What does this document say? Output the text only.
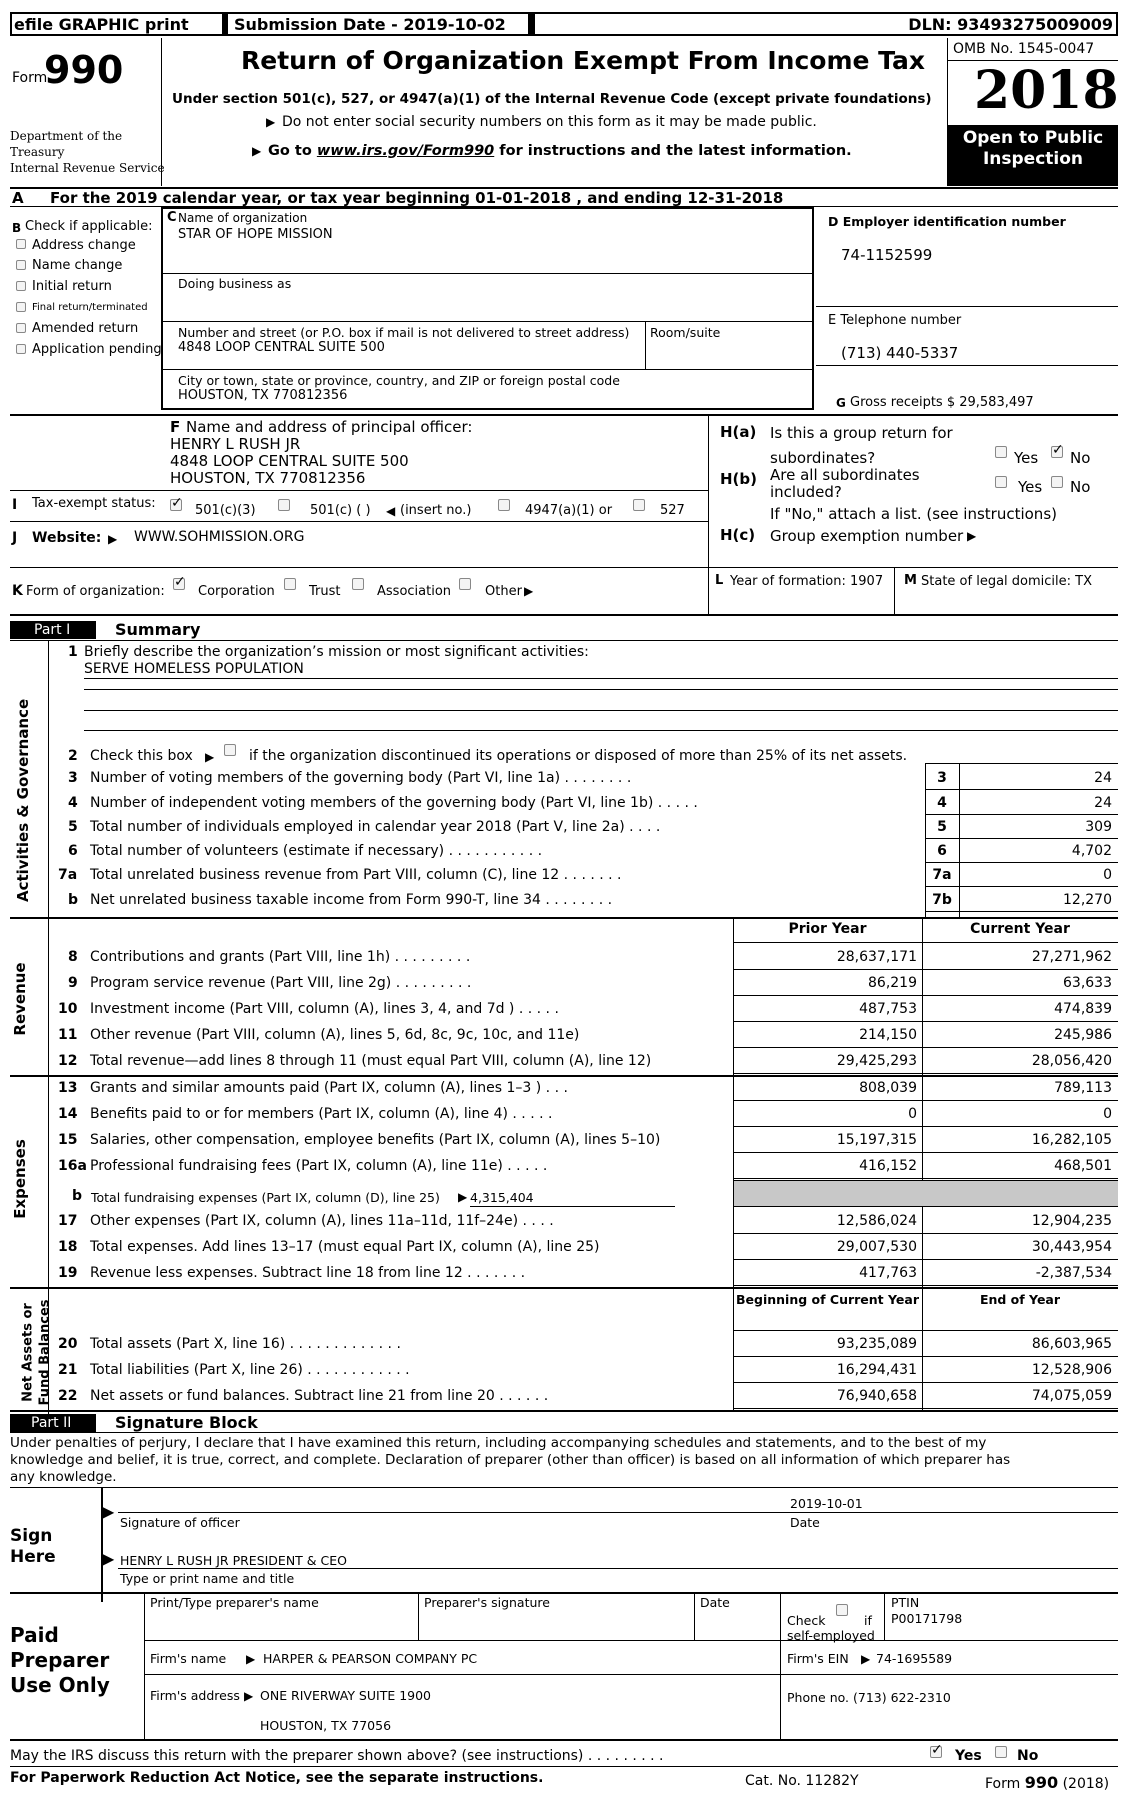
efile GRAPHIC print	Submission Date - 2019-10-02	DLN: 93493275009009
Form
990
Department of the
Treasury
Internal Revenue Service
Return of Organization Exempt From Income Tax
Under section 501(c), 527, or 4947(a)(1) of the Internal Revenue Code (except private foundations)
▶ Do not enter social security numbers on this form as it may be made public.
▶ Go to www.irs.gov/Form990 for instructions and the latest information.
OMB No. 1545-0047
2018
Open to Public
Inspection
A For the 2019 calendar year, or tax year beginning 01-01-2018 , and ending 12-31-2018
B Check if applicable:
Address change
Name change
Initial return
Final return/terminated
Amended return
Application pending
C Name of organization
STAR OF HOPE MISSION
Doing business as
Number and street (or P.O. box if mail is not delivered to street address)
4848 LOOP CENTRAL SUITE 500
Room/suite
City or town, state or province, country, and ZIP or foreign postal code
HOUSTON, TX 770812356
D Employer identification number
74-1152599
E Telephone number
(713) 440-5337
G Gross receipts $ 29,583,497
F Name and address of principal officer:
HENRY L RUSH JR
4848 LOOP CENTRAL SUITE 500
HOUSTON, TX 770812356
H(a) Is this a group return for
subordinates?	Yes ✓ No
H(b) Are all subordinates
included?	Yes No
If "No," attach a list. (see instructions)
H(c) Group exemption number ▶
I Tax-exempt status: ✓	501(c)(3)	501(c) ( ) ◀ (insert no.)	4947(a)(1) or	527
J Website: ▶ WWW.SOHMISSION.ORG
K Form of organization: ✓	Corporation	Trust	Association	Other ▶
L Year of formation: 1907 M State of legal domicile: TX
Part I	Summary
Activities & Governance
Revenue
Expenses
Net Assets or Fund Balances
1 Briefly describe the organization’s mission or most significant activities:
SERVE HOMELESS POPULATION
2 Check this box ▶ if the organization discontinued its operations or disposed of more than 25% of its net assets.
Prior Year	Current Year
b Total fundraising expenses (Part IX, column (D), line 25) ▶ 4,315,404
Beginning of Current Year	End of Year
Part II	Signature Block
Under penalties of perjury, I declare that I have examined this return, including accompanying schedules and statements, and to the best of my
knowledge and belief, it is true, correct, and complete. Declaration of preparer (other than officer) is based on all information of which preparer has
any knowledge.
Sign
Here
▶
▶
2019-10-01
Signature of officer	Date
HENRY L RUSH JR PRESIDENT & CEO
Type or print name and title
Paid
Preparer
Use Only
Print/Type preparer's name	Preparer's signature	Date
Check	if
self-employed
PTIN
P00171798
Firm's name ▶ HARPER & PEARSON COMPANY PC	Firm's EIN ▶ 74-1695589
Firm's address ▶ ONE RIVERWAY SUITE 1900
HOUSTON, TX 77056
Phone no. (713) 622-2310
May the IRS discuss this return with the preparer shown above? (see instructions) . . . . . . . . . ✓	Yes	No
For Paperwork Reduction Act Notice, see the separate instructions.	Cat. No. 11282Y	Form 990 (2018)
3 Number of voting members of the governing body (Part VI, line 1a) . . . . . . . .	3	24
4 Number of independent voting members of the governing body (Part VI, line 1b) . . . . .	4	24
5 Total number of individuals employed in calendar year 2018 (Part V, line 2a) . . . .	5	309
6 Total number of volunteers (estimate if necessary) . . . . . . . . . . .	6	4,702
7a Total unrelated business revenue from Part VIII, column (C), line 12 . . . . . . .	7a	0
b Net unrelated business taxable income from Form 990-T, line 34 . . . . . . . .	7b	12,270
8 Contributions and grants (Part VIII, line 1h) . . . . . . . . .	28,637,171	27,271,962
9 Program service revenue (Part VIII, line 2g) . . . . . . . . .	86,219	63,633
10 Investment income (Part VIII, column (A), lines 3, 4, and 7d ) . . . . .	487,753	474,839
11 Other revenue (Part VIII, column (A), lines 5, 6d, 8c, 9c, 10c, and 11e)	214,150	245,986
12 Total revenue—add lines 8 through 11 (must equal Part VIII, column (A), line 12)	29,425,293	28,056,420
13 Grants and similar amounts paid (Part IX, column (A), lines 1–3 ) . . .	808,039	789,113
14 Benefits paid to or for members (Part IX, column (A), line 4) . . . . .	0	0
15 Salaries, other compensation, employee benefits (Part IX, column (A), lines 5–10)	15,197,315	16,282,105
16a Professional fundraising fees (Part IX, column (A), line 11e) . . . . .	416,152	468,501
17 Other expenses (Part IX, column (A), lines 11a–11d, 11f–24e) . . . .	12,586,024	12,904,235
18 Total expenses. Add lines 13–17 (must equal Part IX, column (A), line 25)	29,007,530	30,443,954
19 Revenue less expenses. Subtract line 18 from line 12 . . . . . . .	417,763	-2,387,534
20 Total assets (Part X, line 16) . . . . . . . . . . . . .	93,235,089	86,603,965
21 Total liabilities (Part X, line 26) . . . . . . . . . . . .	16,294,431	12,528,906
22 Net assets or fund balances. Subtract line 21 from line 20 . . . . . .	76,940,658	74,075,059
